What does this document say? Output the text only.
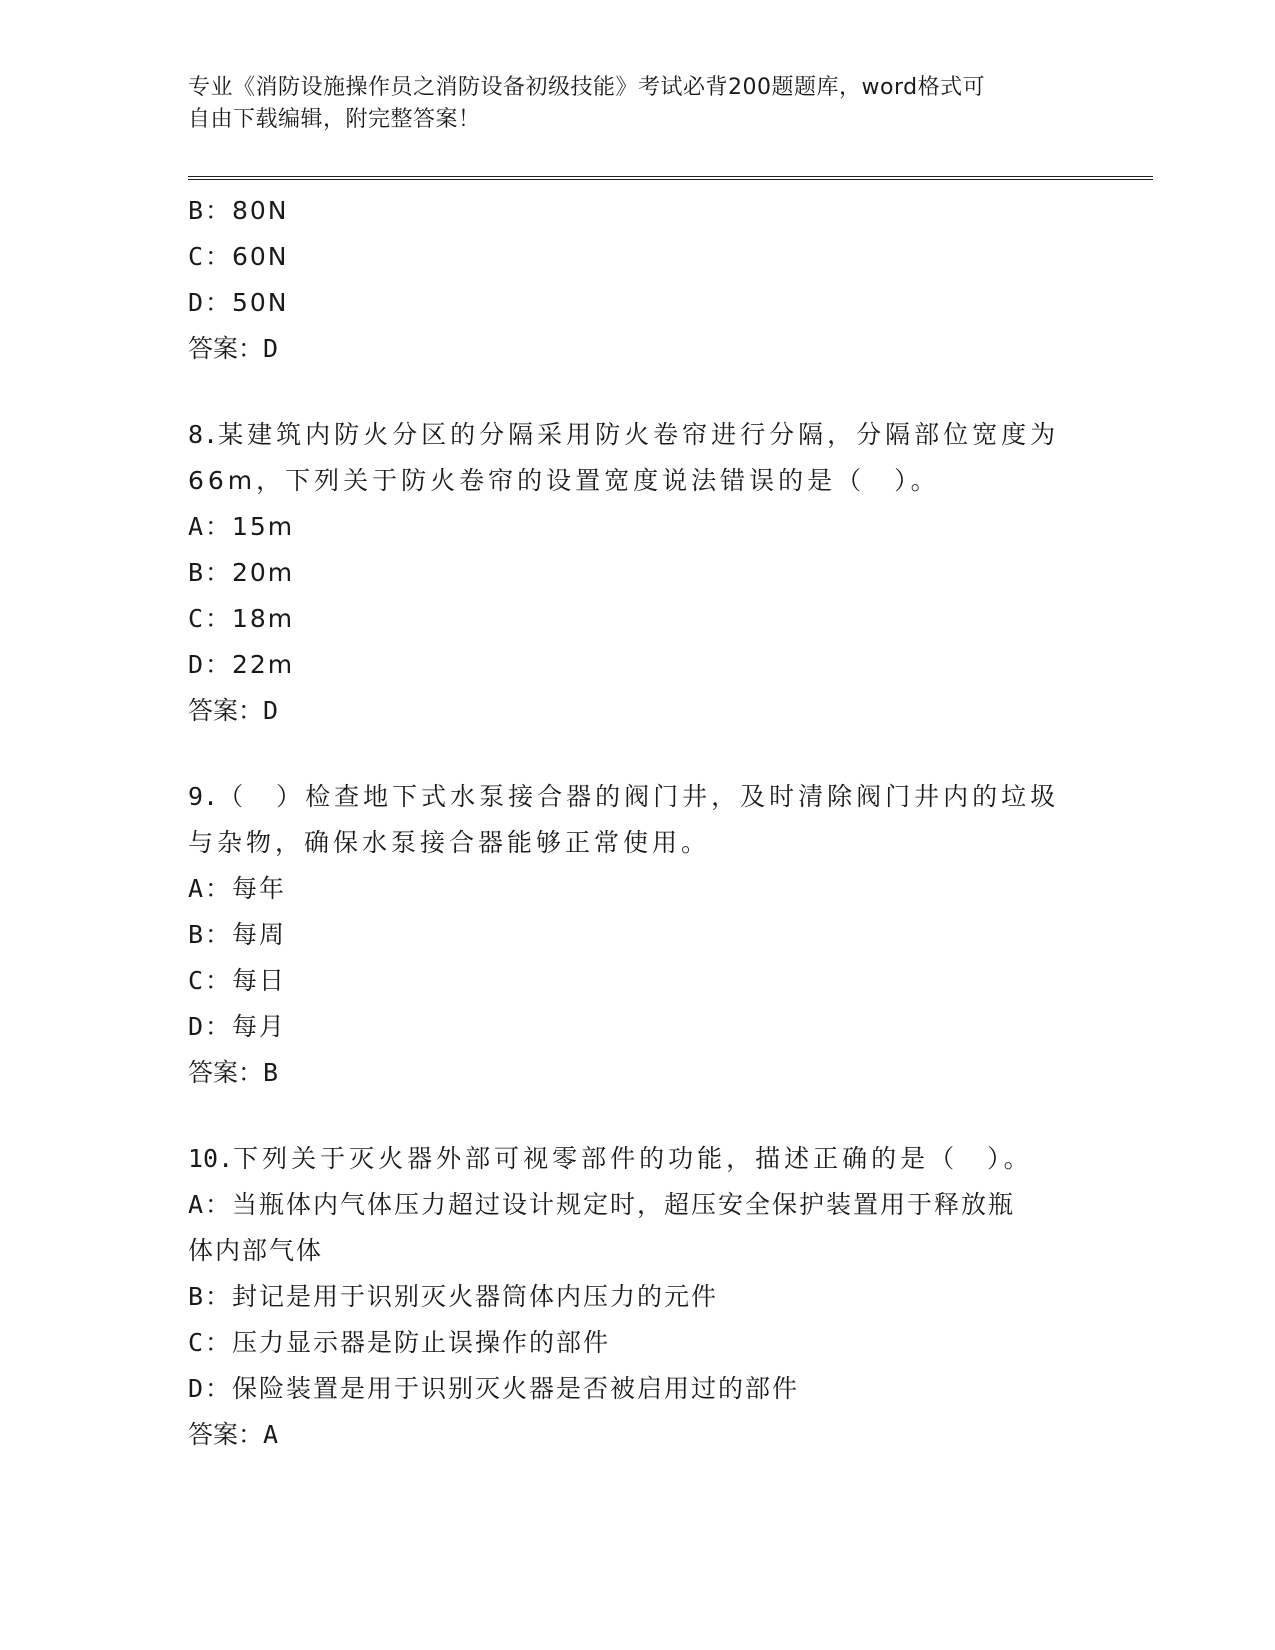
专业《消防设施操作员之消防设备初级技能》考试必背200题题库，word格式可
自由下载编辑，附完整答案！
B：80N
C：60N
D：50N
答案：D
8.某建筑内防火分区的分隔采用防火卷帘进行分隔，分隔部位宽度为
66m，下列关于防火卷帘的设置宽度说法错误的是（　）。
A：15m
B：20m
C：18m
D：22m
答案：D
9.（　）检查地下式水泵接合器的阀门井，及时清除阀门井内的垃圾
与杂物，确保水泵接合器能够正常使用。
A：每年
B：每周
C：每日
D：每月
答案：B
10.下列关于灭火器外部可视零部件的功能，描述正确的是（　）。
A：当瓶体内气体压力超过设计规定时，超压安全保护装置用于释放瓶
体内部气体
B：封记是用于识别灭火器筒体内压力的元件
C：压力显示器是防止误操作的部件
D：保险装置是用于识别灭火器是否被启用过的部件
答案：A
